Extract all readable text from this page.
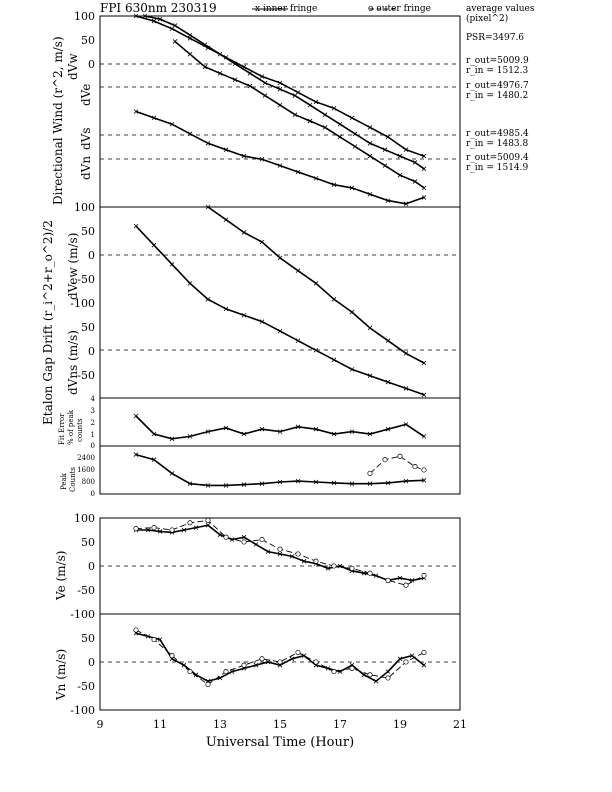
FPI 630nm 230319	x inner fringe	o outer fringe	average values
(pixel^2)
PSR=3497.6
r_out=5009.9
r_in = 1512.3
r_out=4976.7
r_in = 1480.2
r_out=4985.4
r_in = 1483.8
r_out=5009.4
r_in = 1514.9
100
50
0
100
50
0
-50
-100
50
0
-50
4
3
2
1
0
2400
1600
800
0
100
50
0
-50
-100
50
0
-50
-100
Directional Wind (r^2, m/s) dVw
dVe
dVs
dVn
Etalon Gap Drift (r_i^2+r_o^2)/2 dVew (m/s)
dVns (m/s)
Fit Error % of peak counts
Peak Counts
Ve (m/s)
Vn (m/s)
9	11	13	15	17	19	21
Universal Time (Hour)
